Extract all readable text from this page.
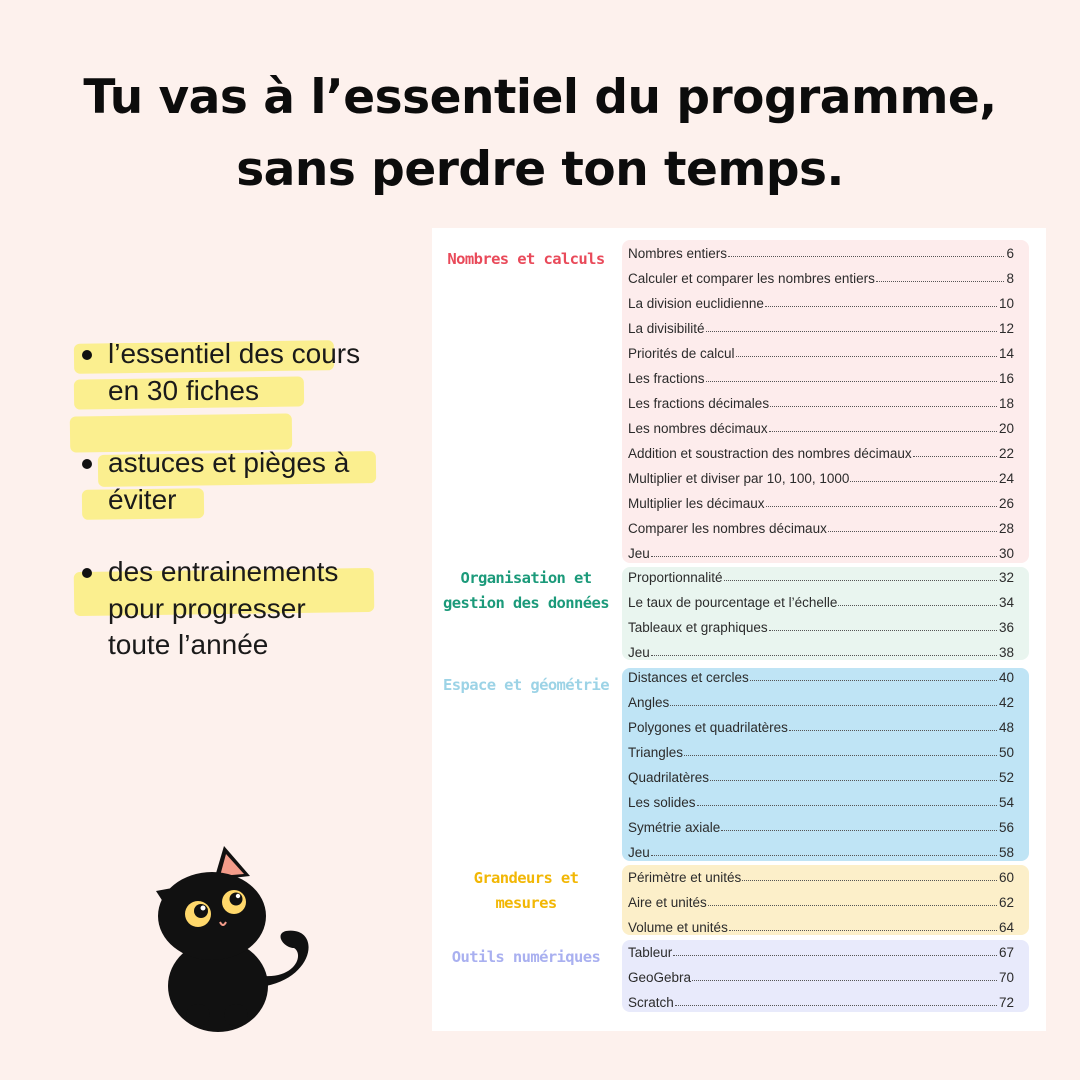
Tu vas à l’essentiel du programme,
sans perdre ton temps.
l’essentiel des cours
en 30 fiches
astuces et pièges à
éviter
des entrainements
pour progresser
toute l’année
Nombres et calculs	Nombres entiers	6
Calculer et comparer les nombres entiers	8
La division euclidienne	10
La divisibilité	12
Priorités de calcul	14
Les fractions	16
Les fractions décimales	18
Les nombres décimaux	20
Addition et soustraction des nombres décimaux	22
Multiplier et diviser par 10, 100, 1000	24
Multiplier les décimaux	26
Comparer les nombres décimaux	28
Jeu	30
Organisation et
gestion des données
Proportionnalité	32
Le taux de pourcentage et l’échelle	34
Tableaux et graphiques	36
Jeu	38
Espace et géométrie	Distances et cercles	40
Angles	42
Polygones et quadrilatères	48
Triangles	50
Quadrilatères	52
Les solides	54
Symétrie axiale	56
Jeu	58
Grandeurs et
mesures
Périmètre et unités	60
Aire et unités	62
Volume et unités	64
Outils numériques	Tableur	67
GeoGebra	70
Scratch	72
